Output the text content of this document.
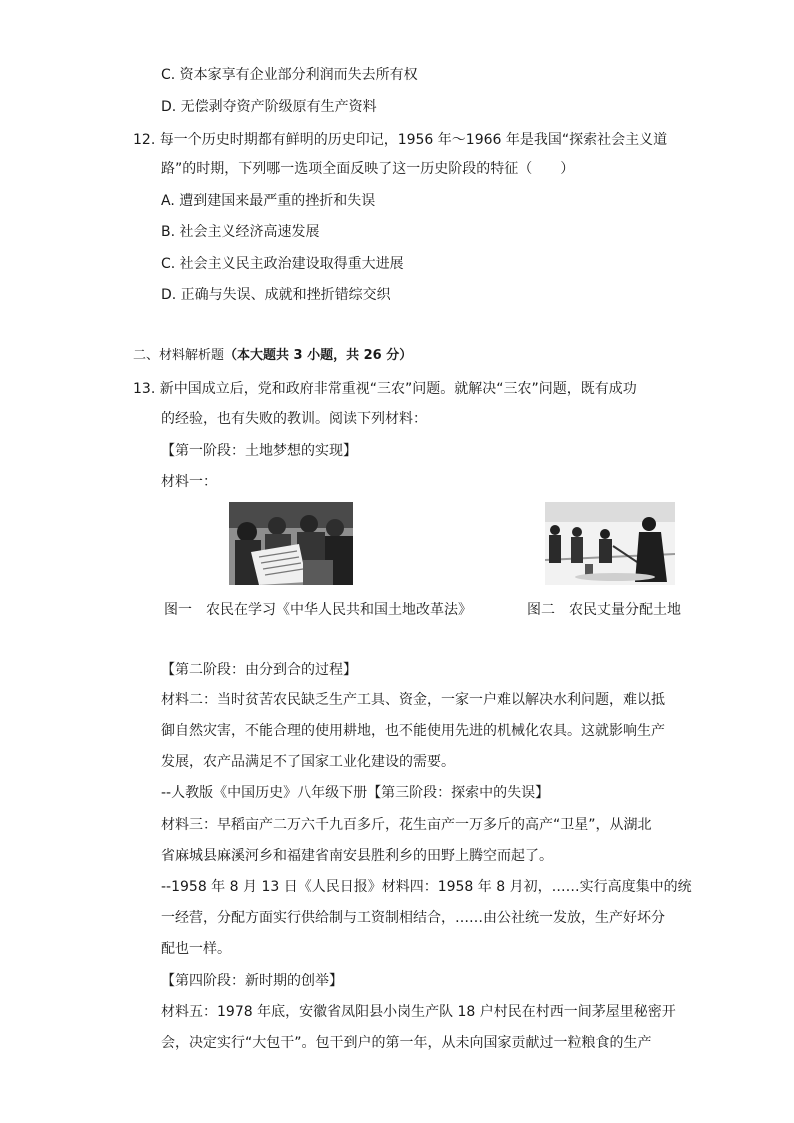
C. 资本家享有企业部分利润而失去所有权
D. 无偿剥夺资产阶级原有生产资料
12. 每一个历史时期都有鲜明的历史印记，1956 年～1966 年是我国“探索社会主义道
路”的时期，下列哪一选项全面反映了这一历史阶段的特征（　　）
A. 遭到建国来最严重的挫折和失误
B. 社会主义经济高速发展
C. 社会主义民主政治建设取得重大进展
D. 正确与失误、成就和挫折错综交织
二、材料解析题（本大题共 3 小题，共 26 分）
13. 新中国成立后，党和政府非常重视“三农”问题。就解决“三农”问题，既有成功
的经验，也有失败的教训。阅读下列材料：
【第一阶段：土地梦想的实现】
材料一：
图一　农民在学习《中华人民共和国土地改革法》	图二　农民丈量分配土地
【第二阶段：由分到合的过程】
材料二：当时贫苦农民缺乏生产工具、资金，一家一户难以解决水利问题，难以抵
御自然灾害，不能合理的使用耕地，也不能使用先进的机械化农具。这就影响生产
发展，农产品满足不了国家工业化建设的需要。
--人教版《中国历史》八年级下册【第三阶段：探索中的失误】
材料三：早稻亩产二万六千九百多斤，花生亩产一万多斤的高产“卫星”，从湖北
省麻城县麻溪河乡和福建省南安县胜利乡的田野上腾空而起了。
--1958 年 8 月 13 日《人民日报》材料四：1958 年 8 月初，……实行高度集中的统
一经营，分配方面实行供给制与工资制相结合，……由公社统一发放，生产好坏分
配也一样。
【第四阶段：新时期的创举】
材料五：1978 年底，安徽省凤阳县小岗生产队 18 户村民在村西一间茅屋里秘密开
会，决定实行“大包干”。包干到户的第一年，从未向国家贡献过一粒粮食的生产
